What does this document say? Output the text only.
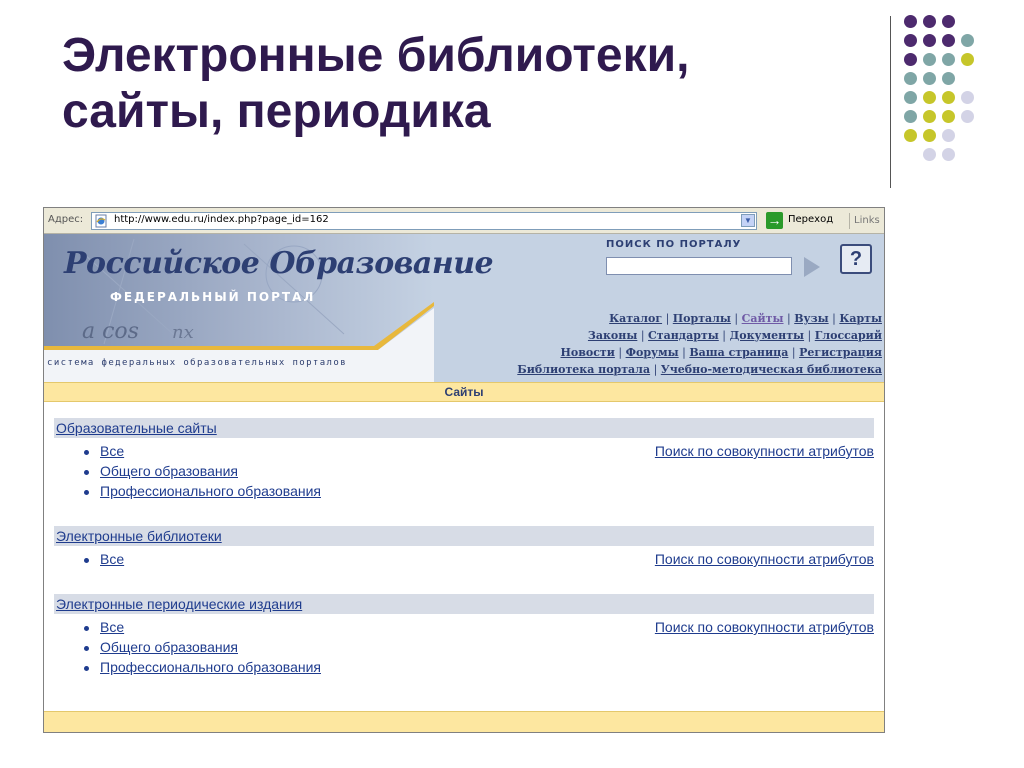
Электронные библиотеки,
сайты, периодика
Адрес:	http://www.edu.ru/index.php?page_id=162	▼ → Переход	Links
a cos nx
Российское Образование
ФЕДЕРАЛЬНЫЙ ПОРТАЛ
система федеральных образовательных порталов
ПОИСК ПО ПОРТАЛУ
?
Каталог | Порталы | Сайты | Вузы | Карты
Законы | Стандарты | Документы | Глоссарий
Новости | Форумы | Ваша страница | Регистрация
Библиотека портала | Учебно-методическая библиотека
Сайты
Образовательные сайты
Все
Общего образования
Профессионального образования
Поиск по совокупности атрибутов
Электронные библиотеки
Все	Поиск по совокупности атрибутов
Электронные периодические издания
Все
Общего образования
Профессионального образования
Поиск по совокупности атрибутов
